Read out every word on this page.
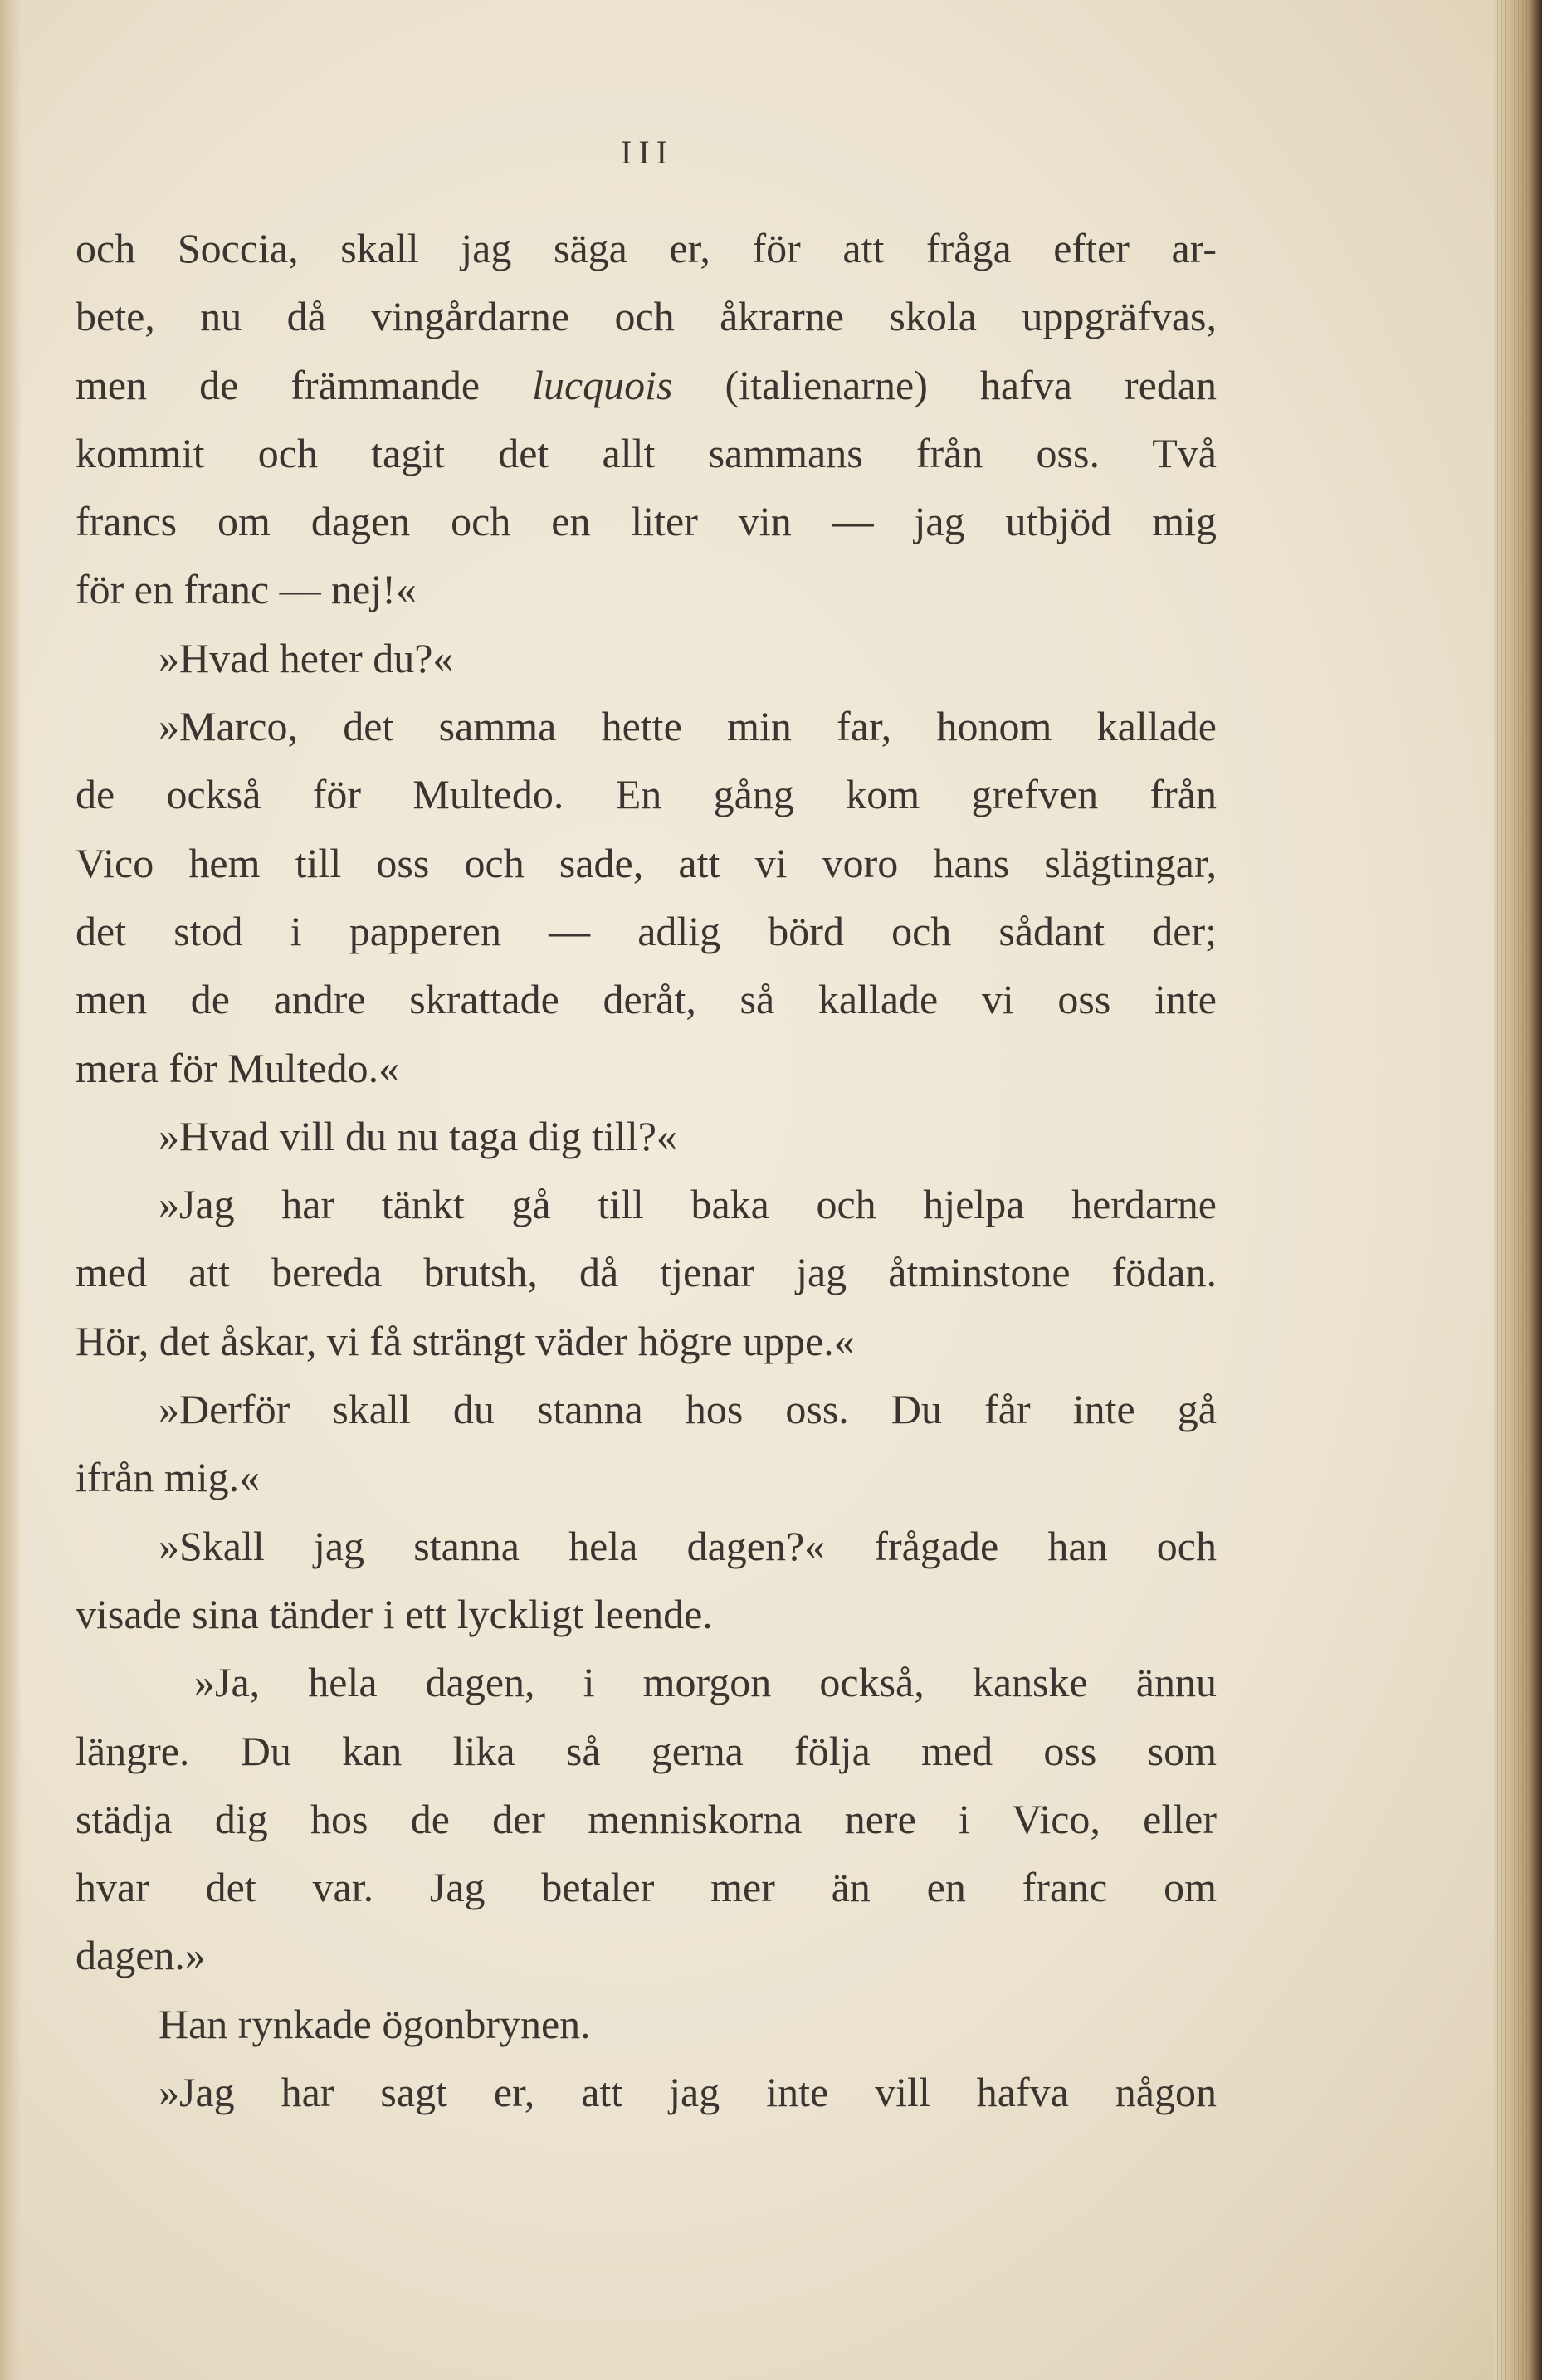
III
och Soccia, skall jag säga er, för att fråga efter ar-
bete, nu då vingårdarne och åkrarne skola uppgräfvas,
men de främmande lucquois (italienarne) hafva redan
kommit och tagit det allt sammans från oss. Två
francs om dagen och en liter vin — jag utbjöd mig
för en franc — nej!«
»Hvad heter du?«
»Marco, det samma hette min far, honom kallade
de också för Multedo. En gång kom grefven från
Vico hem till oss och sade, att vi voro hans slägtingar,
det stod i papperen — adlig börd och sådant der;
men de andre skrattade deråt, så kallade vi oss inte
mera för Multedo.«
»Hvad vill du nu taga dig till?«
»Jag har tänkt gå till baka och hjelpa herdarne
med att bereda brutsh, då tjenar jag åtminstone födan.
Hör, det åskar, vi få strängt väder högre uppe.«
»Derför skall du stanna hos oss. Du får inte gå
ifrån mig.«
»Skall jag stanna hela dagen?« frågade han och
visade sina tänder i ett lyckligt leende.
»Ja, hela dagen, i morgon också, kanske ännu
längre. Du kan lika så gerna följa med oss som
städja dig hos de der menniskorna nere i Vico, eller
hvar det var. Jag betaler mer än en franc om
dagen.»
Han rynkade ögonbrynen.
»Jag har sagt er, att jag inte vill hafva någon
